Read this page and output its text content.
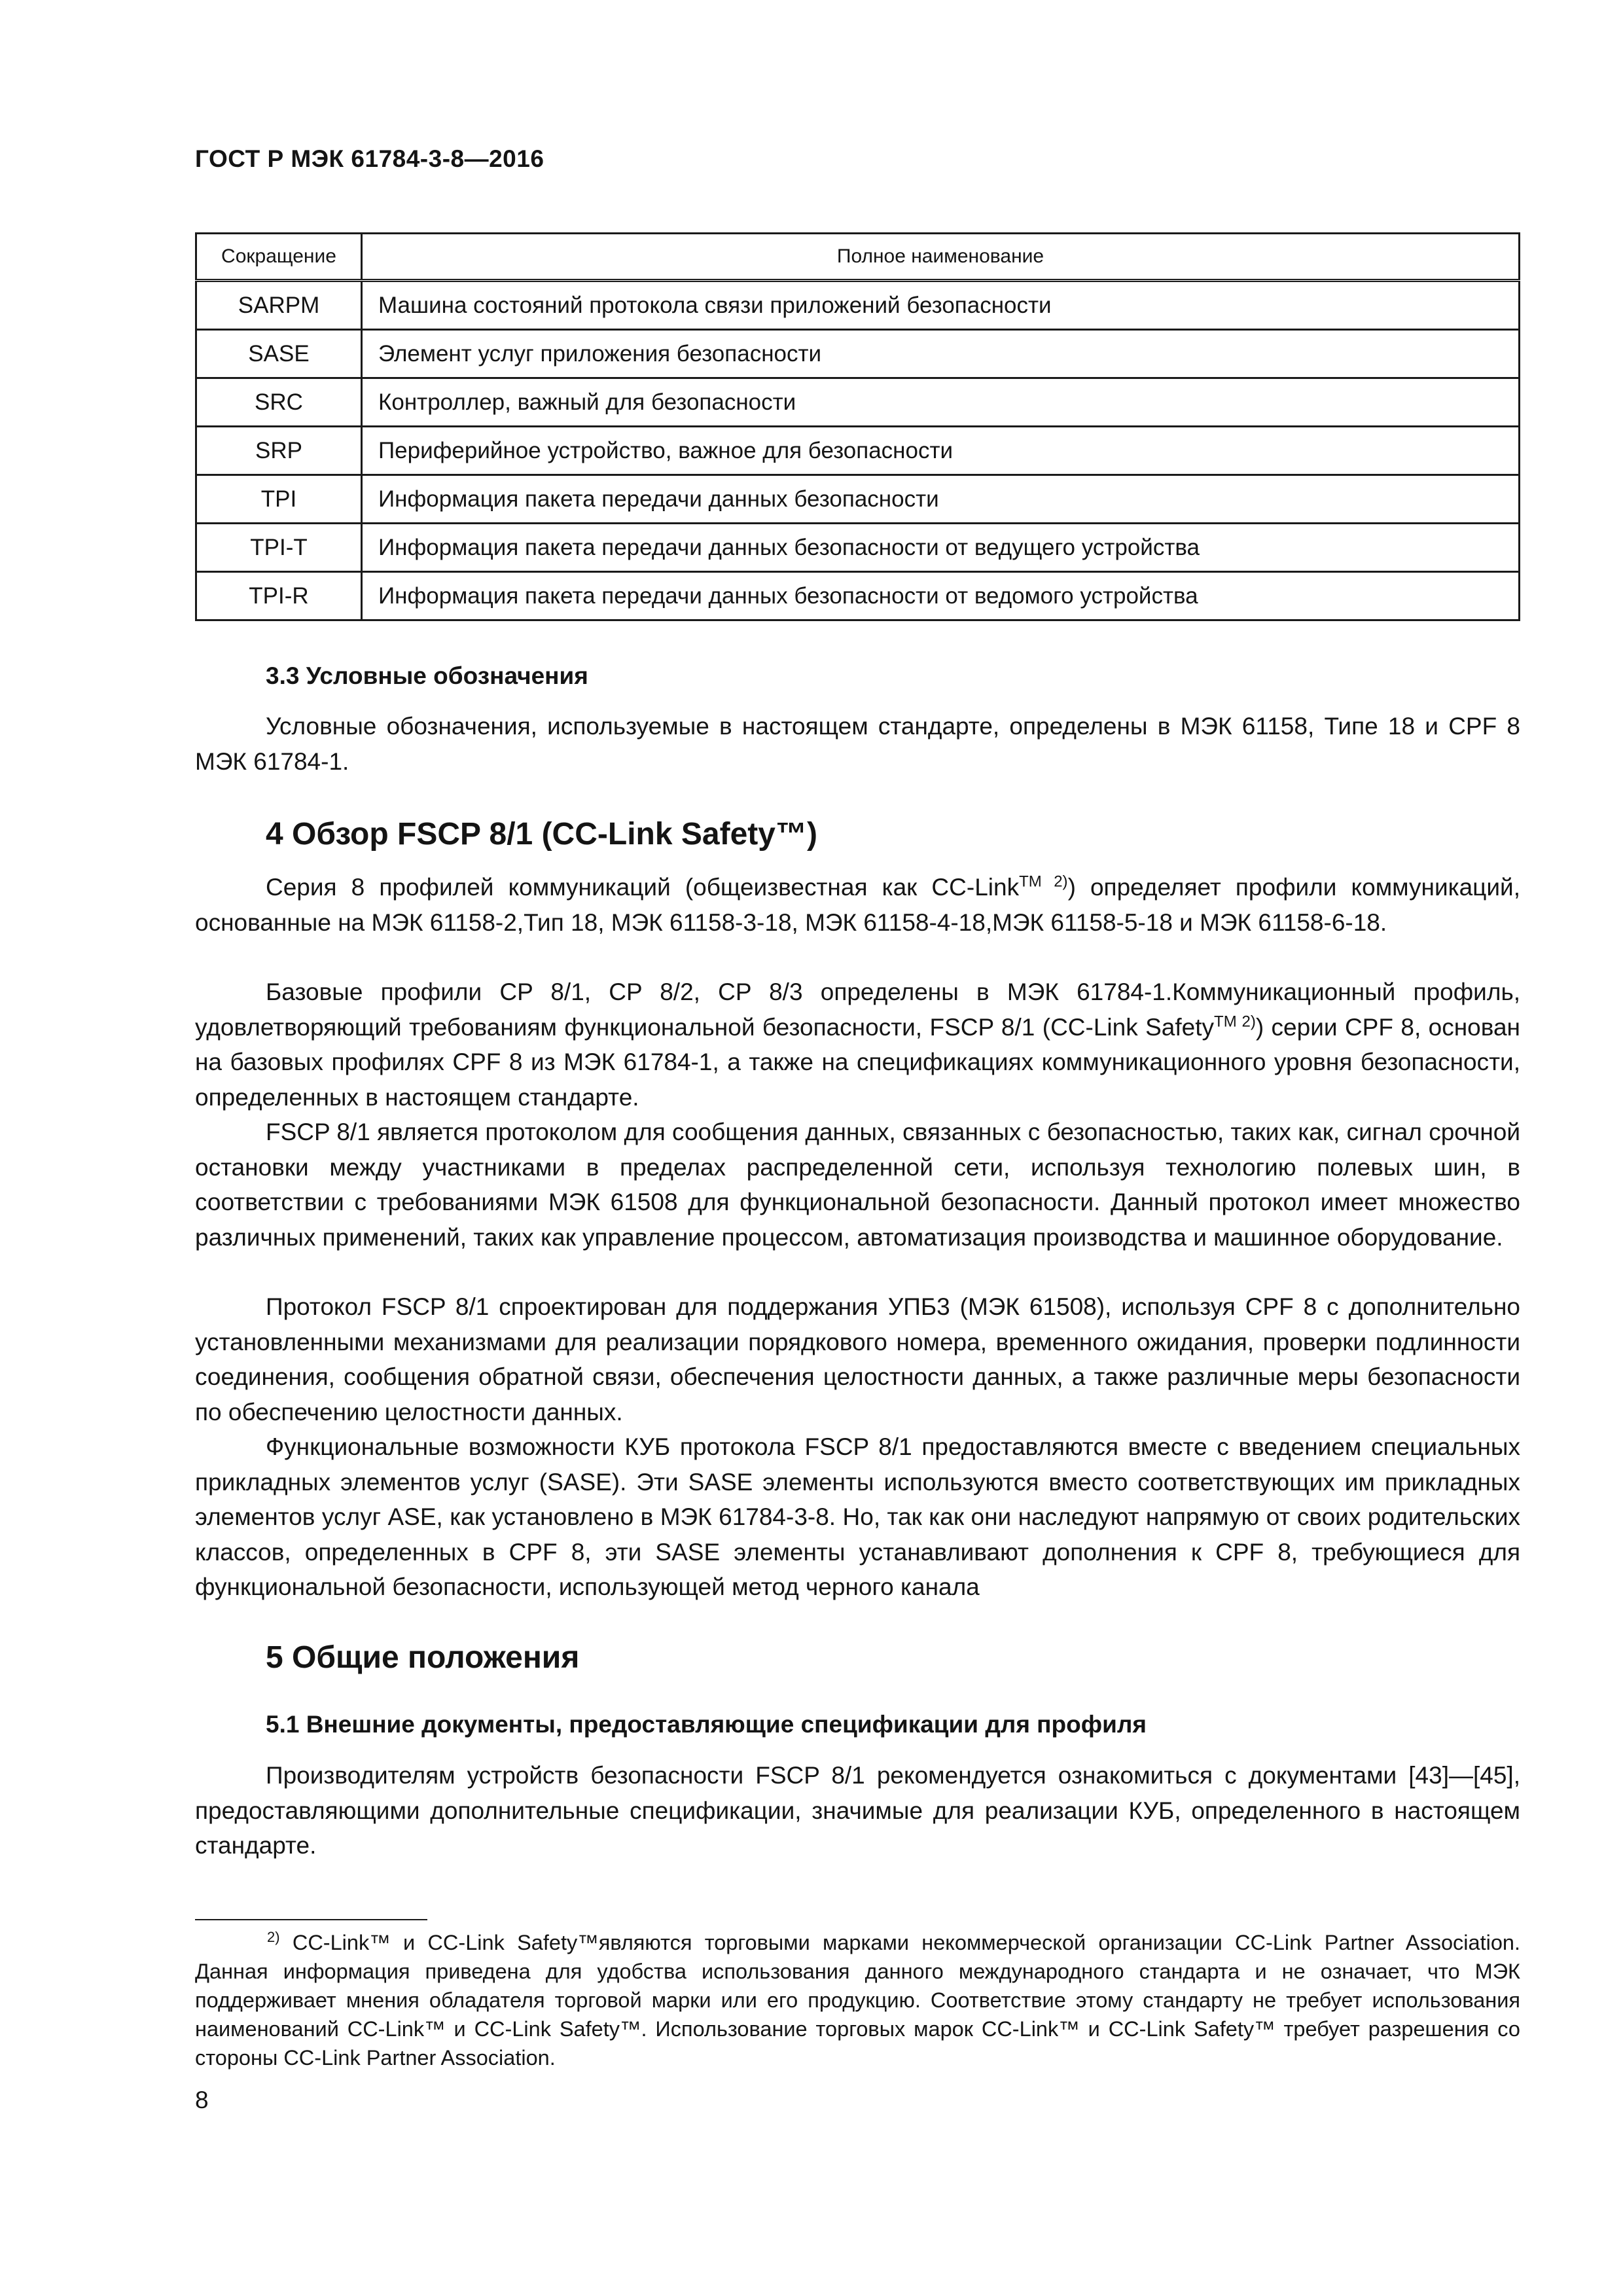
ГОСТ Р МЭК 61784-3-8—2016
Сокращение	Полное наименование
SARPM	Машина состояний протокола связи приложений безопасности
SASE	Элемент услуг приложения безопасности
SRC	Контроллер, важный для безопасности
SRP	Периферийное устройство, важное для безопасности
TPI	Информация пакета передачи данных безопасности
TPI-T	Информация пакета передачи данных безопасности от ведущего устройства
TPI-R	Информация пакета передачи данных безопасности от ведомого устройства
3.3 Условные обозначения
Условные обозначения, используемые в настоящем стандарте, определены в МЭК 61158, Типе 18 и CPF 8 МЭК 61784-1.
4 Обзор FSCP 8/1 (CC-Link Safety™)
Серия 8 профилей коммуникаций (общеизвестная как CC-Link$^{TM 2)}$) определяет профили коммуникаций, основанные на МЭК 61158-2,Тип 18, МЭК 61158-3-18, МЭК 61158-4-18,МЭК 61158-5-18 и МЭК 61158-6-18.
Базовые профили CP 8/1, CP 8/2, CP 8/3 определены в МЭК 61784-1.Коммуникационный профиль, удовлетворяющий требованиям функциональной безопасности, FSCP 8/1 (CC-Link Safety$^{TM 2)}$) серии CPF 8, основан на базовых профилях CPF 8 из МЭК 61784-1, а также на спецификациях коммуникационного уровня безопасности, определенных в настоящем стандарте.
FSCP 8/1 является протоколом для сообщения данных, связанных с безопасностью, таких как, сигнал срочной остановки между участниками в пределах распределенной сети, используя технологию полевых шин, в соответствии с требованиями МЭК 61508 для функциональной безопасности. Данный протокол имеет множество различных применений, таких как управление процессом, автоматизация производства и машинное оборудование.
Протокол FSCP 8/1 спроектирован для поддержания УПБ3 (МЭК 61508), используя CPF 8 с дополнительно установленными механизмами для реализации порядкового номера, временного ожидания, проверки подлинности соединения, сообщения обратной связи, обеспечения целостности данных, а также различные меры безопасности по обеспечению целостности данных.
Функциональные возможности КУБ протокола FSCP 8/1 предоставляются вместе с введением специальных прикладных элементов услуг (SASE). Эти SASE элементы используются вместо соответствующих им прикладных элементов услуг ASE, как установлено в МЭК 61784-3-8. Но, так как они наследуют напрямую от своих родительских классов, определенных в CPF 8, эти SASE элементы устанавливают дополнения к CPF 8, требующиеся для функциональной безопасности, использующей метод черного канала
5 Общие положения
5.1 Внешние документы, предоставляющие спецификации для профиля
Производителям устройств безопасности FSCP 8/1 рекомендуется ознакомиться с документами [43]—[45], предоставляющими дополнительные спецификации, значимые для реализации КУБ, определенного в настоящем стандарте.
$^{2)}$ CC-Link™ и CC-Link Safety™являются торговыми марками некоммерческой организации CC-Link Partner Association. Данная информация приведена для удобства использования данного международного стандарта и не означает, что МЭК поддерживает мнения обладателя торговой марки или его продукцию. Соответствие этому стандарту не требует использования наименований CC-Link™ и CC-Link Safety™. Использование торговых марок CC-Link™ и CC-Link Safety™ требует разрешения со стороны CC-Link Partner Association.
8
